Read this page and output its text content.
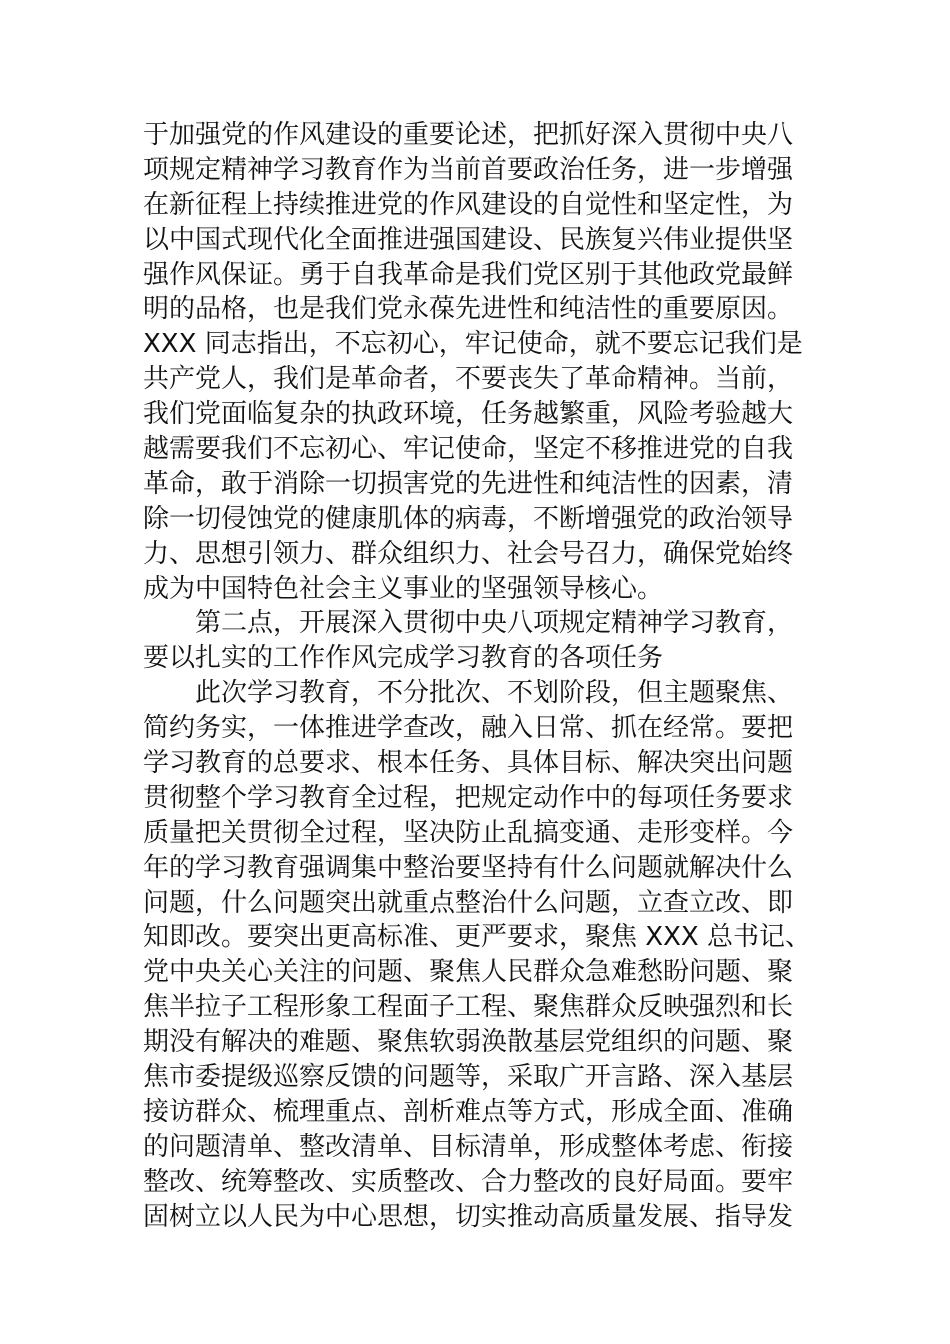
于加强党的作风建设的重要论述，把抓好深入贯彻中央八
项规定精神学习教育作为当前首要政治任务，进一步增强
在新征程上持续推进党的作风建设的自觉性和坚定性，为
以中国式现代化全面推进强国建设、民族复兴伟业提供坚
强作风保证。勇于自我革命是我们党区别于其他政党最鲜
明的品格，也是我们党永葆先进性和纯洁性的重要原因。
XXX 同志指出，不忘初心，牢记使命，就不要忘记我们是
共产党人，我们是革命者，不要丧失了革命精神。当前，
我们党面临复杂的执政环境，任务越繁重，风险考验越大
越需要我们不忘初心、牢记使命，坚定不移推进党的自我
革命，敢于消除一切损害党的先进性和纯洁性的因素，清
除一切侵蚀党的健康肌体的病毒，不断增强党的政治领导
力、思想引领力、群众组织力、社会号召力，确保党始终
成为中国特色社会主义事业的坚强领导核心。
第二点，开展深入贯彻中央八项规定精神学习教育，
要以扎实的工作作风完成学习教育的各项任务
此次学习教育，不分批次、不划阶段，但主题聚焦、
简约务实，一体推进学查改，融入日常、抓在经常。要把
学习教育的总要求、根本任务、具体目标、解决突出问题
贯彻整个学习教育全过程，把规定动作中的每项任务要求
质量把关贯彻全过程，坚决防止乱搞变通、走形变样。今
年的学习教育强调集中整治要坚持有什么问题就解决什么
问题，什么问题突出就重点整治什么问题，立查立改、即
知即改。要突出更高标准、更严要求，聚焦 XXX 总书记、
党中央关心关注的问题、聚焦人民群众急难愁盼问题、聚
焦半拉子工程形象工程面子工程、聚焦群众反映强烈和长
期没有解决的难题、聚焦软弱涣散基层党组织的问题、聚
焦市委提级巡察反馈的问题等，采取广开言路、深入基层
接访群众、梳理重点、剖析难点等方式，形成全面、准确
的问题清单、整改清单、目标清单，形成整体考虑、衔接
整改、统筹整改、实质整改、合力整改的良好局面。要牢
固树立以人民为中心思想，切实推动高质量发展、指导发
